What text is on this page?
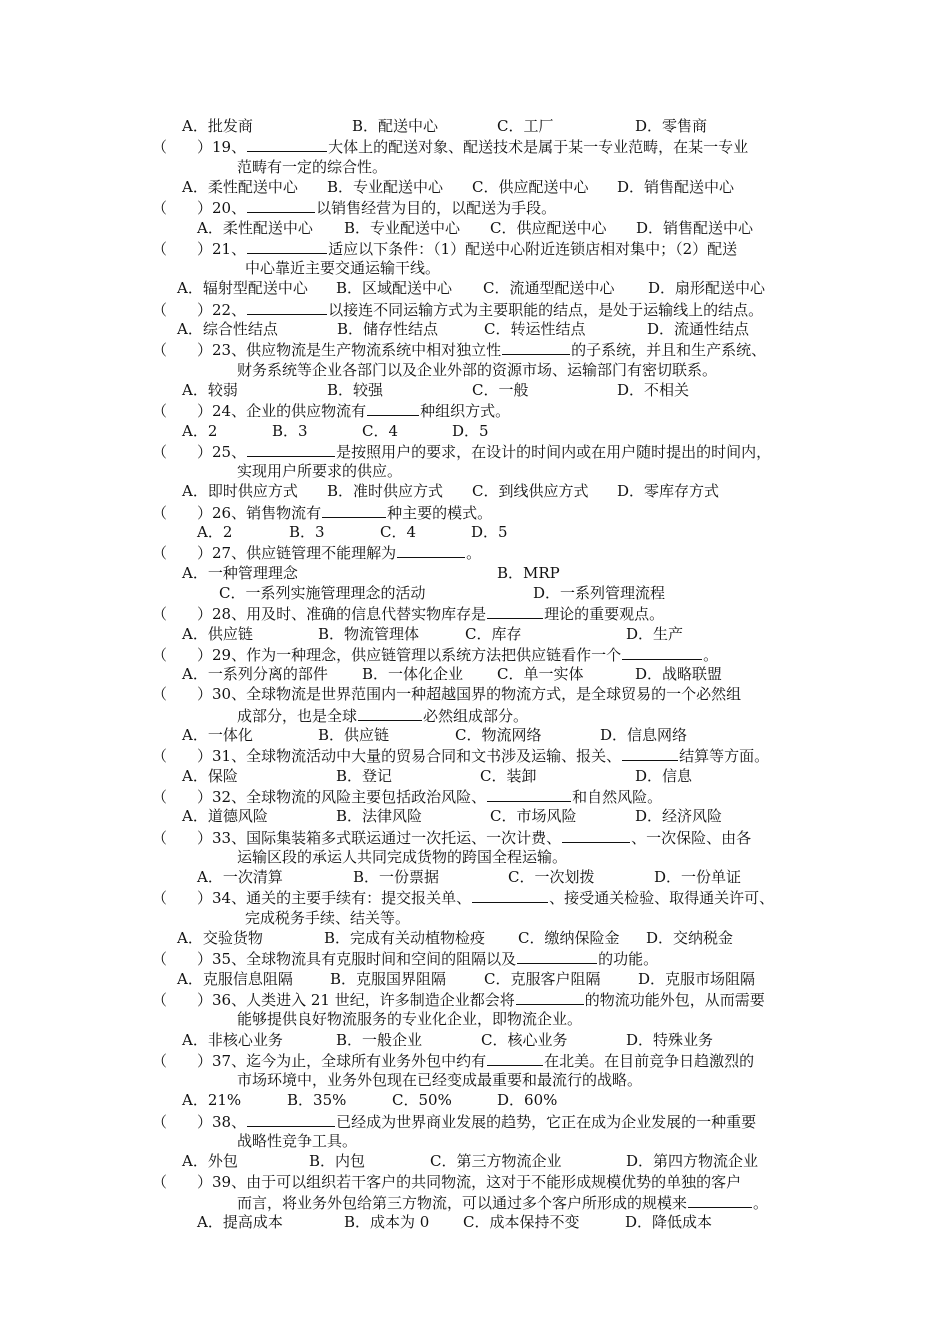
A．批发商	B．配送中心	C．工厂	D．零售商
（　　）19、	大体上的配送对象、配送技术是属于某一专业范畴，在某一专业
范畴有一定的综合性。
A．柔性配送中心 B．专业配送中心 C．供应配送中心 D．销售配送中心
（　　）20、	以销售经营为目的，以配送为手段。
A．柔性配送中心 B．专业配送中心 C．供应配送中心 D．销售配送中心
（　　）21、	适应以下条件：（1）配送中心附近连锁店相对集中；（2）配送
中心靠近主要交通运输干线。
A．辐射型配送中心 B．区域配送中心 C．流通型配送中心 D．扇形配送中心
（　　）22、	以接连不同运输方式为主要职能的结点，是处于运输线上的结点。
A．综合性结点	B．储存性结点	C．转运性结点	D．流通性结点
（　　）23、供应物流是生产物流系统中相对独立性	的子系统，并且和生产系统、
财务系统等企业各部门以及企业外部的资源市场、运输部门有密切联系。
A．较弱	B．较强	C．一般	D．不相关
（　　）24、企业的供应物流有	种组织方式。
A．2	B．3	C．4	D．5
（　　）25、	是按照用户的要求，在设计的时间内或在用户随时提出的时间内，
实现用户所要求的供应。
A．即时供应方式 B．准时供应方式 C．到线供应方式 D．零库存方式
（　　）26、销售物流有	种主要的模式。
A．2	B．3	C．4	D．5
（　　）27、供应链管理不能理解为	。
A．一种管理理念	B．MRP
C．一系列实施管理理念的活动	D．一系列管理流程
（　　）28、用及时、准确的信息代替实物库存是	理论的重要观点。
A．供应链	B．物流管理体	C．库存	D．生产
（　　）29、作为一种理念，供应链管理以系统方法把供应链看作一个	。
A．一系列分离的部件 B．一体化企业 C．单一实体	D．战略联盟
（　　）30、全球物流是世界范围内一种超越国界的物流方式，是全球贸易的一个必然组
成部分，也是全球	必然组成部分。
A．一体化	B．供应链	C．物流网络	D．信息网络
（　　）31、全球物流活动中大量的贸易合同和文书涉及运输、报关、	结算等方面。
A．保险	B．登记	C．装卸	D．信息
（　　）32、全球物流的风险主要包括政治风险、	和自然风险。
A．道德风险	B．法律风险	C．市场风险	D．经济风险
（　　）33、国际集装箱多式联运通过一次托运、一次计费、	、一次保险、由各
运输区段的承运人共同完成货物的跨国全程运输。
A．一次清算	B．一份票据	C．一次划拨	D．一份单证
（　　）34、通关的主要手续有：提交报关单、	、接受通关检验、取得通关许可、
完成税务手续、结关等。
A．交验货物	B．完成有关动植物检疫 C．缴纳保险金 D．交纳税金
（　　）35、全球物流具有克服时间和空间的阻隔以及	的功能。
A．克服信息阻隔 B．克服国界阻隔	C．克服客户阻隔	D．克服市场阻隔
（　　）36、人类进入 21 世纪，许多制造企业都会将	的物流功能外包，从而需要
能够提供良好物流服务的专业化企业，即物流企业。
A．非核心业务	B．一般企业	C．核心业务	D．特殊业务
（　　）37、迄今为止，全球所有业务外包中约有	在北美。在目前竞争日趋激烈的
市场环境中，业务外包现在已经变成最重要和最流行的战略。
A．21%	B．35%	C．50%	D．60%
（　　）38、	已经成为世界商业发展的趋势，它正在成为企业发展的一种重要
战略性竞争工具。
A．外包	B．内包	C．第三方物流企业	D．第四方物流企业
（　　）39、由于可以组织若干客户的共同物流，这对于不能形成规模优势的单独的客户
而言，将业务外包给第三方物流，可以通过多个客户所形成的规模来	。
A．提高成本	B．成本为 0 C．成本保持不变	D．降低成本
